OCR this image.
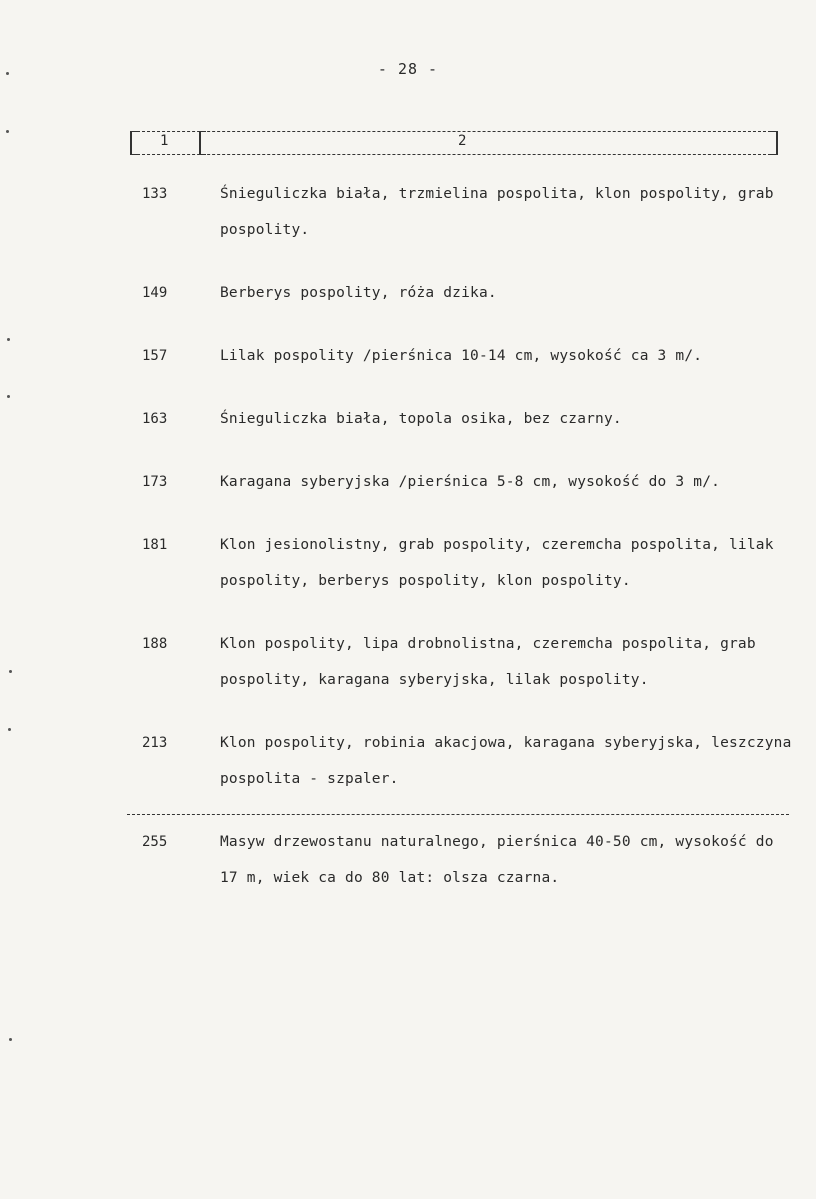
- 28 -
1	2
133	Śnieguliczka biała, trzmielina pospolita, klon pospolity, grab pospolity.
149	Berberys pospolity, róża dzika.
157	Lilak pospolity /pierśnica 10-14 cm, wysokość ca 3 m/.
163	Śnieguliczka biała, topola osika, bez czarny.
173	Karagana syberyjska /pierśnica 5-8 cm, wysokość do 3 m/.
181	Klon jesionolistny, grab pospolity, czeremcha pospolita, lilak pospolity, berberys pospolity, klon pospolity.
188	Klon pospolity, lipa drobnolistna, czeremcha pospolita, grab pospolity, karagana syberyjska, lilak pospolity.
213	Klon pospolity, robinia akacjowa, karagana syberyjska, leszczyna pospolita - szpaler.
255	Masyw drzewostanu naturalnego, pierśnica 40-50 cm, wysokość do 17 m, wiek ca do 80 lat: olsza czarna.
